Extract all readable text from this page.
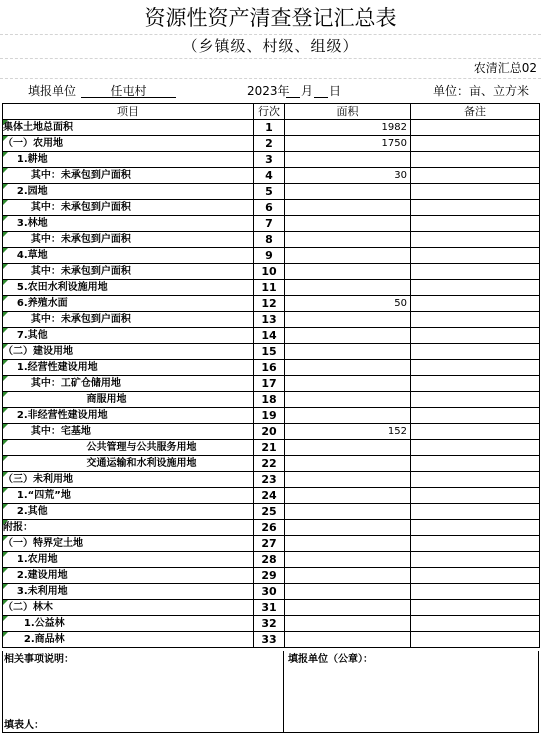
资源性资产清查登记汇总表
（乡镇级、村级、组级）
农清汇总02
填报单位	任屯村	2023年 月 日	单位：亩、立方米
项目	行次	面积	备注

集体土地总面积	1	1982	

（一）农用地	2	1750	

1.耕地	3		

其中：未承包到户面积	4	30	

2.园地	5		

其中：未承包到户面积	6		

3.林地	7		

其中：未承包到户面积	8		

4.草地	9		

其中：未承包到户面积	10		

5.农田水利设施用地	11		

6.养殖水面	12	50	

其中：未承包到户面积	13		

7.其他	14		

（二）建设用地	15		

1.经营性建设用地	16		

其中：工矿仓储用地	17		

商服用地	18		

2.非经营性建设用地	19		

其中：宅基地	20	152	

公共管理与公共服务用地	21		

交通运输和水利设施用地	22		

（三）未利用地	23		

1.“四荒”地	24		

2.其他	25		

附报：	26		

（一）特界定土地	27		

1.农用地	28		

2.建设用地	29		

3.未利用地	30		

（二）林木	31		

1.公益林	32		

2.商品林	33		
相关事项说明：	填报单位（公章）：
填表人：
